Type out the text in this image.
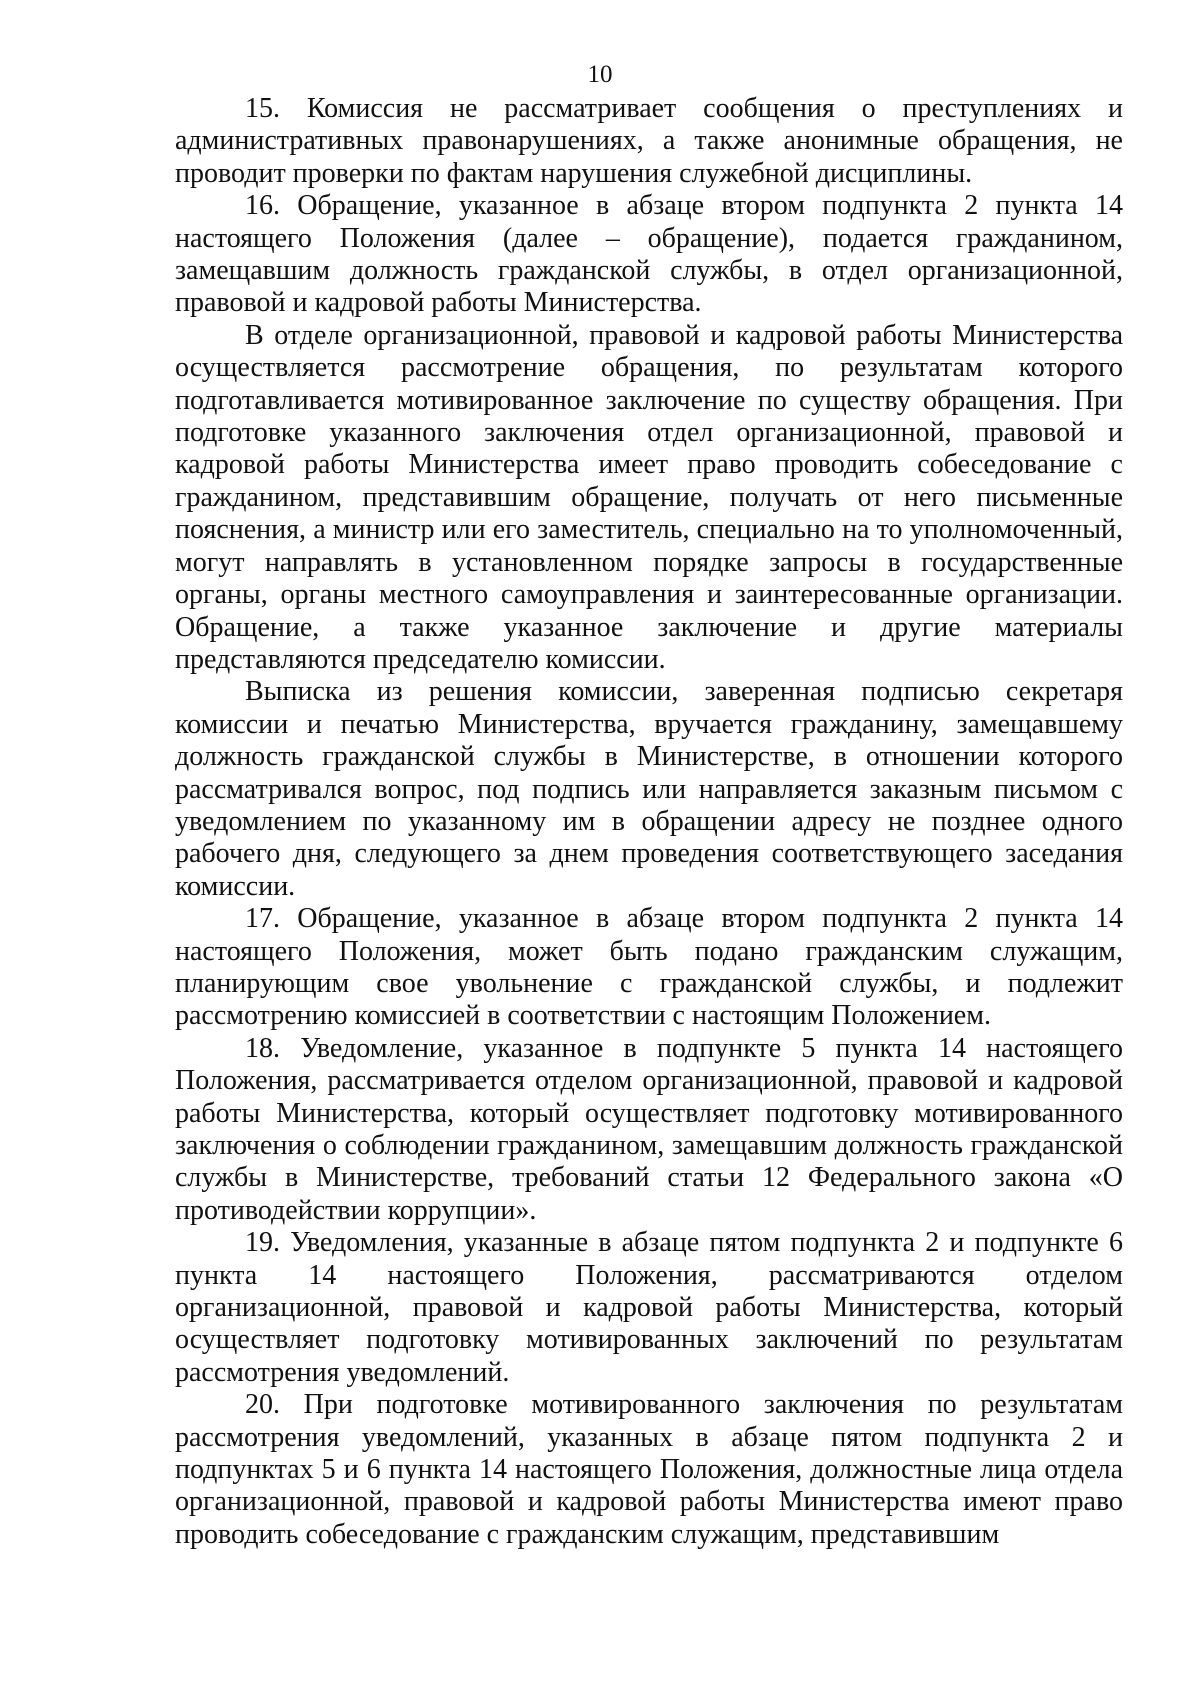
10

15. Комиссия не рассматривает сообщения о преступлениях и административных правонарушениях, а также анонимные обращения, не проводит проверки по фактам нарушения служебной дисциплины.

16. Обращение, указанное в абзаце втором подпункта 2 пункта 14 настоящего Положения (далее – обращение), подается гражданином, замещавшим должность гражданской службы, в отдел организационной, правовой и кадровой работы Министерства.

В отделе организационной, правовой и кадровой работы Министерства осуществляется рассмотрение обращения, по результатам которого подготавливается мотивированное заключение по существу обращения. При подготовке указанного заключения отдел организационной, правовой и кадровой работы Министерства имеет право проводить собеседование с гражданином, представившим обращение, получать от него письменные пояснения, а министр или его заместитель, специально на то уполномоченный, могут направлять в установленном порядке запросы в государственные органы, органы местного самоуправления и заинтересованные организации. Обращение, а также указанное заключение и другие материалы представляются председателю комиссии.

Выписка из решения комиссии, заверенная подписью секретаря комиссии и печатью Министерства, вручается гражданину, замещавшему должность гражданской службы в Министерстве, в отношении которого рассматривался вопрос, под подпись или направляется заказным письмом с уведомлением по указанному им в обращении адресу не позднее одного рабочего дня, следующего за днем проведения соответствующего заседания комиссии.

17. Обращение, указанное в абзаце втором подпункта 2 пункта 14 настоящего Положения, может быть подано гражданским служащим, планирующим свое увольнение с гражданской службы, и подлежит рассмотрению комиссией в соответствии с настоящим Положением.

18. Уведомление, указанное в подпункте 5 пункта 14 настоящего Положения, рассматривается отделом организационной, правовой и кадровой работы Министерства, который осуществляет подготовку мотивированного заключения о соблюдении гражданином, замещавшим должность гражданской службы в Министерстве, требований статьи 12 Федерального закона «О противодействии коррупции».

19. Уведомления, указанные в абзаце пятом подпункта 2 и подпункте 6 пункта 14 настоящего Положения, рассматриваются отделом организационной, правовой и кадровой работы Министерства, который осуществляет подготовку мотивированных заключений по результатам рассмотрения уведомлений.

20. При подготовке мотивированного заключения по результатам рассмотрения уведомлений, указанных в абзаце пятом подпункта 2 и подпунктах 5 и 6 пункта 14 настоящего Положения, должностные лица отдела организационной, правовой и кадровой работы Министерства имеют право проводить собеседование с гражданским служащим, представившим
